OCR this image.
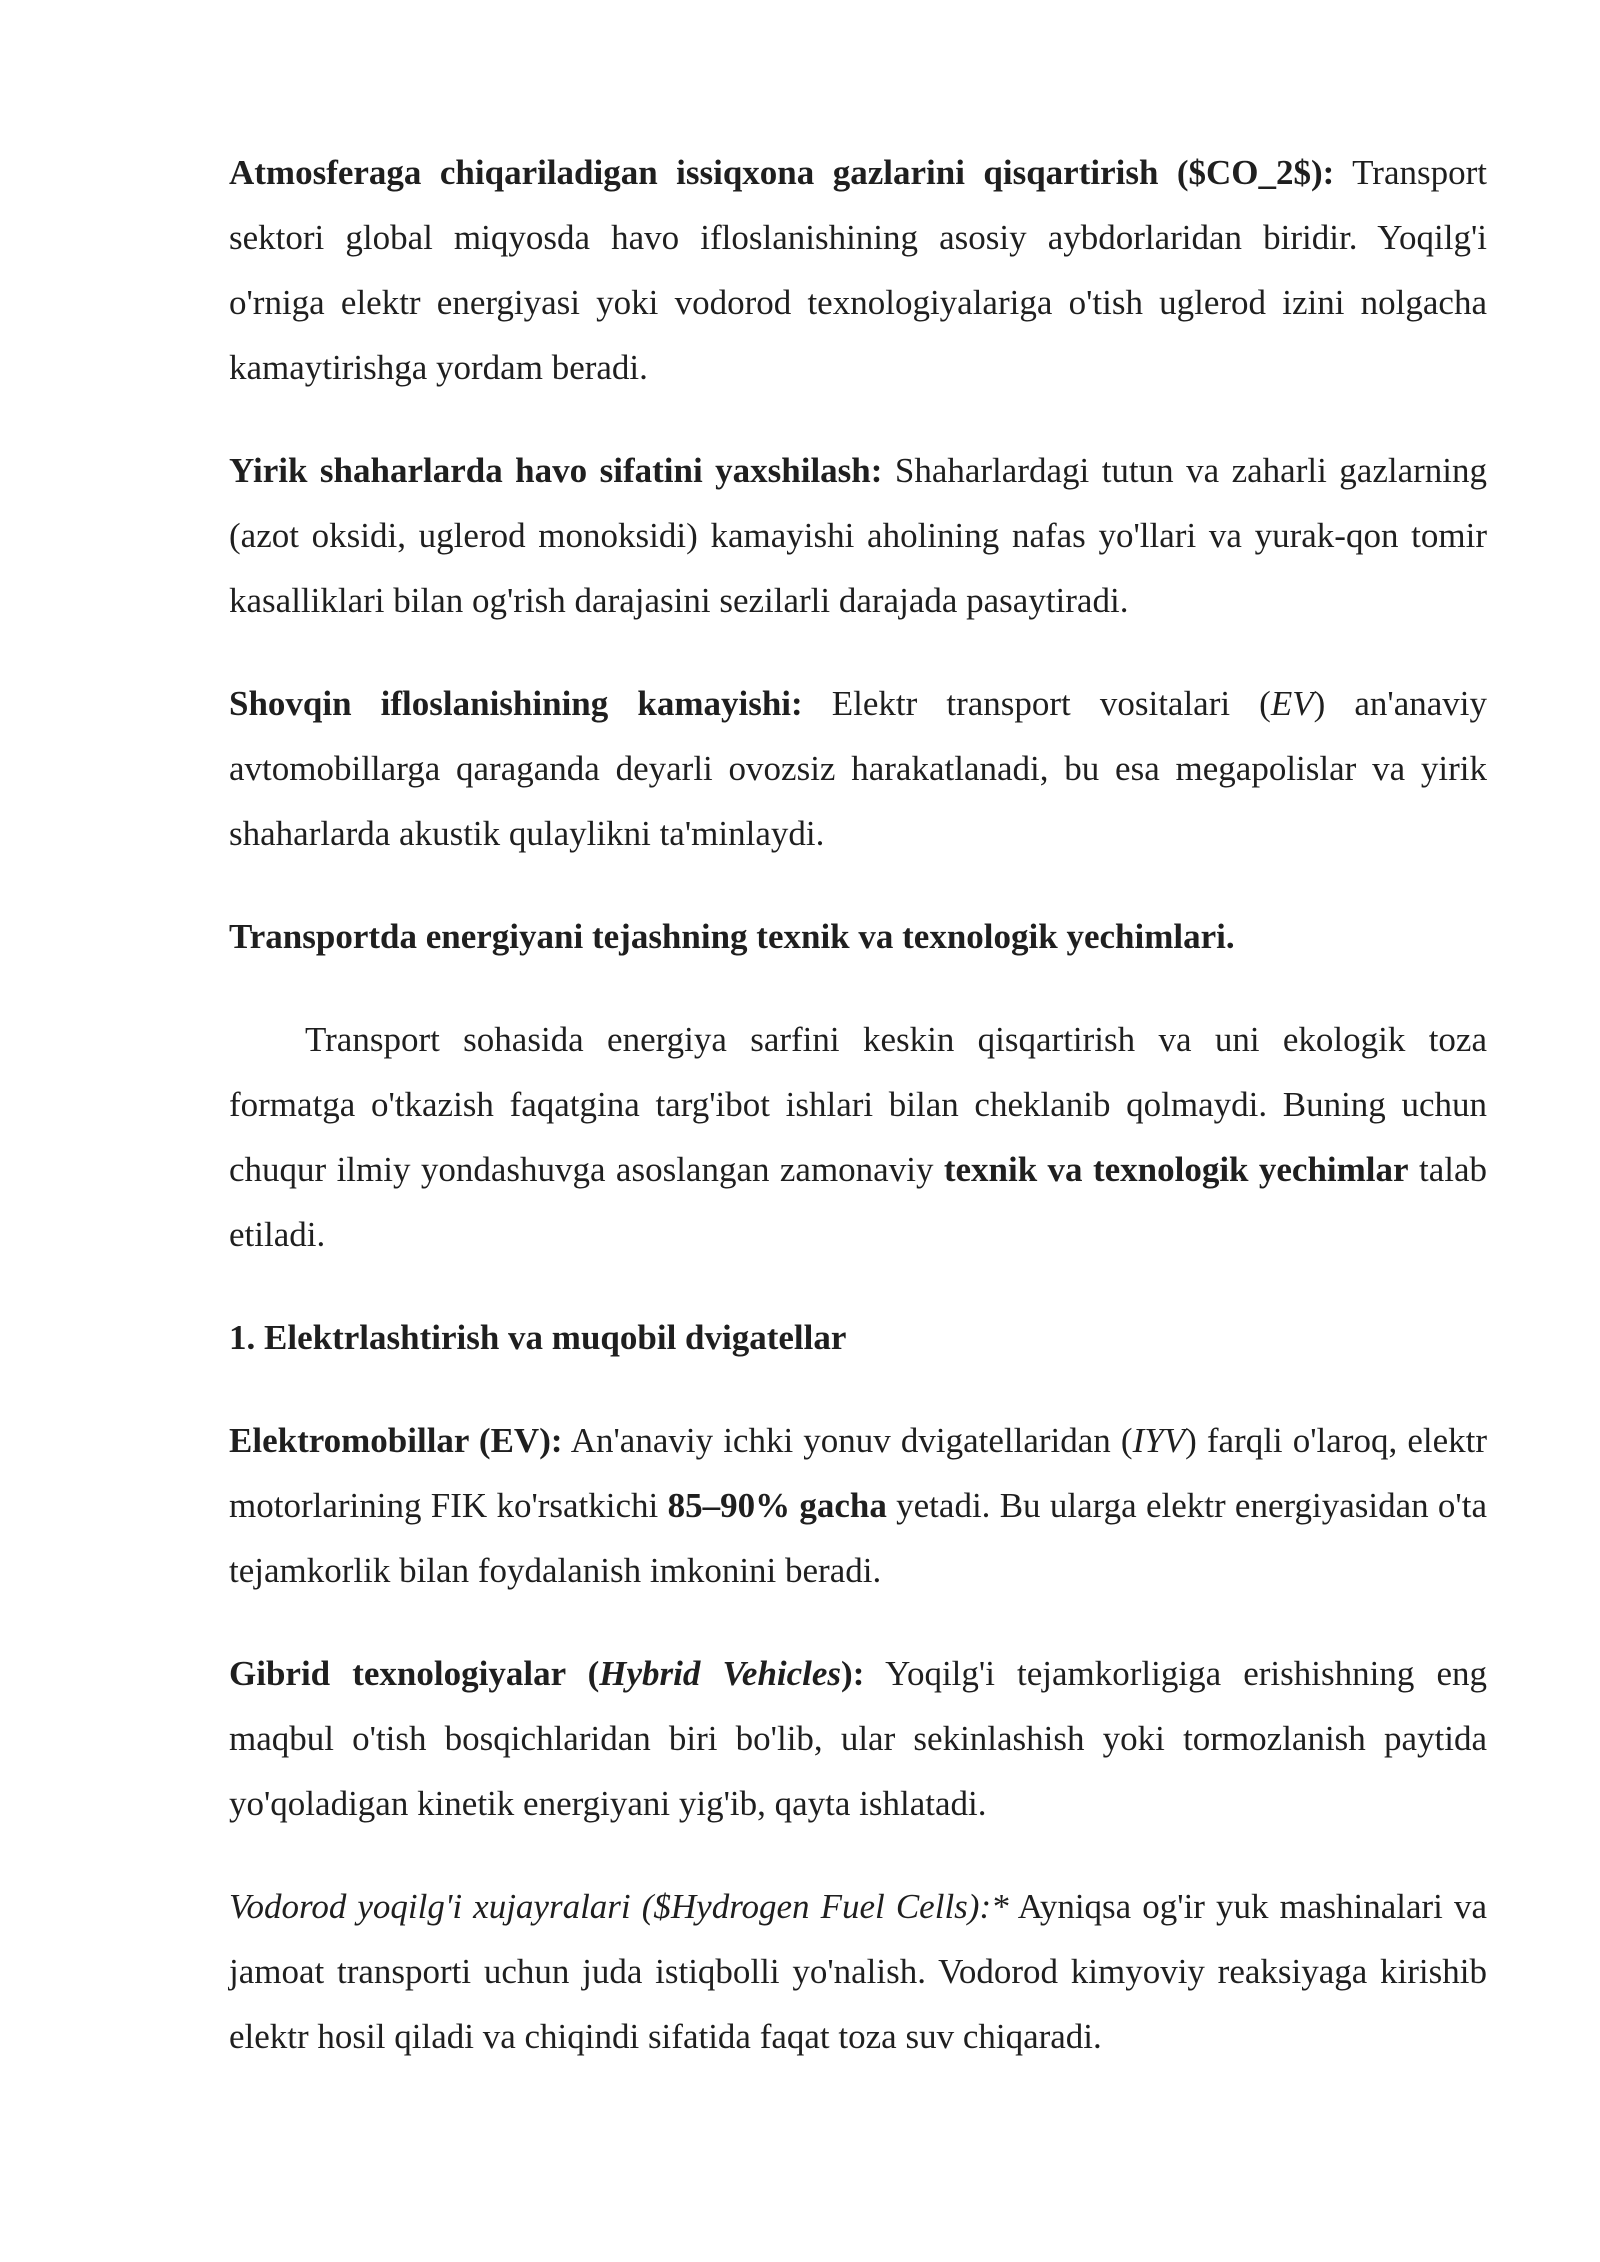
Atmosferaga chiqariladigan issiqxona gazlarini qisqartirish ($CO_2$): Transport sektori global miqyosda havo ifloslanishining asosiy aybdorlaridan biridir. Yoqilg'i o'rniga elektr energiyasi yoki vodorod texnologiyalariga o'tish uglerod izini nolgacha kamaytirishga yordam beradi.

Yirik shaharlarda havo sifatini yaxshilash: Shaharlardagi tutun va zaharli gazlarning (azot oksidi, uglerod monoksidi) kamayishi aholining nafas yo'llari va yurak-qon tomir kasalliklari bilan og'rish darajasini sezilarli darajada pasaytiradi.

Shovqin ifloslanishining kamayishi: Elektr transport vositalari (EV) an'anaviy avtomobillarga qaraganda deyarli ovozsiz harakatlanadi, bu esa megapolislar va yirik shaharlarda akustik qulaylikni ta'minlaydi.

Transportda energiyani tejashning texnik va texnologik yechimlari.

Transport sohasida energiya sarfini keskin qisqartirish va uni ekologik toza formatga o'tkazish faqatgina targ'ibot ishlari bilan cheklanib qolmaydi. Buning uchun chuqur ilmiy yondashuvga asoslangan zamonaviy texnik va texnologik yechimlar talab etiladi.

1. Elektrlashtirish va muqobil dvigatellar

Elektromobillar (EV): An'anaviy ichki yonuv dvigatellaridan (IYV) farqli o'laroq, elektr motorlarining FIK ko'rsatkichi 85–90% gacha yetadi. Bu ularga elektr energiyasidan o'ta tejamkorlik bilan foydalanish imkonini beradi.

Gibrid texnologiyalar (Hybrid Vehicles): Yoqilg'i tejamkorligiga erishishning eng maqbul o'tish bosqichlaridan biri bo'lib, ular sekinlashish yoki tormozlanish paytida yo'qoladigan kinetik energiyani yig'ib, qayta ishlatadi.

Vodorod yoqilg'i xujayralari ($Hydrogen Fuel Cells):* Ayniqsa og'ir yuk mashinalari va jamoat transporti uchun juda istiqbolli yo'nalish. Vodorod kimyoviy reaksiyaga kirishib elektr hosil qiladi va chiqindi sifatida faqat toza suv chiqaradi.
